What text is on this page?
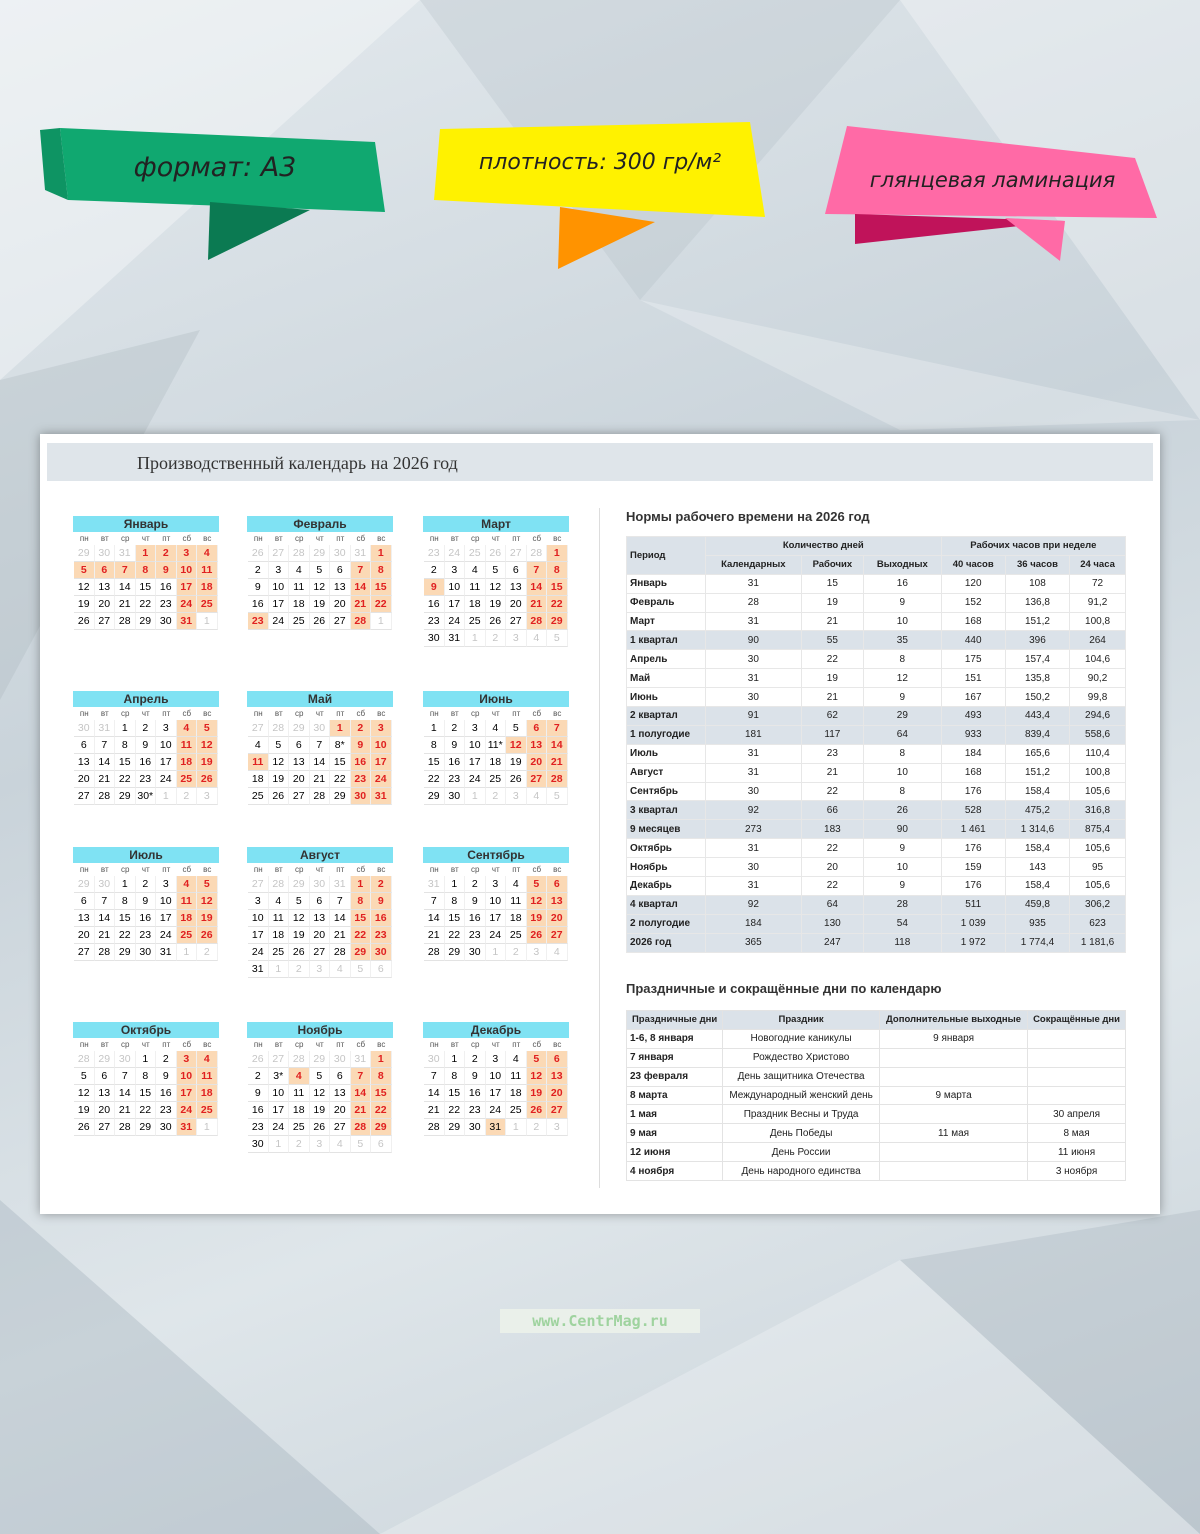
формат: А3	плотность: 300 гр/м²
глянцевая ламинация
Производственный календарь на 2026 год
Январь
пн	вт	ср	чт	пт	сб	вс
29 30 31	1	2	3	4
5	6	7	8	9	10 11
12 13 14 15 16 17 18
19 20 21 22 23 24 25
26 27 28 29 30 31	1
Февраль
пн	вт	ср	чт	пт	сб	вс
26 27 28 29 30 31	1
2	3	4	5	6	7	8
9	10 11 12 13 14 15
16 17 18 19 20 21 22
23 24 25 26 27 28	1
Март
пн	вт	ср	чт	пт	сб	вс
23 24 25 26 27 28	1
2	3	4	5	6	7	8
9	10 11 12 13 14 15
16 17 18 19 20 21 22
23 24 25 26 27 28 29
30 31	1	2	3	4	5
Апрель
пн	вт	ср	чт	пт	сб	вс
30 31	1	2	3	4	5
6	7	8	9	10 11 12
13 14 15 16 17 18 19
20 21 22 23 24 25 26
27 28 29 30* 1	2	3
Май
пн	вт	ср	чт	пт	сб	вс
27 28 29 30	1	2	3
4	5	6	7	8*	9	10
11 12 13 14 15 16 17
18 19 20 21 22 23 24
25 26 27 28 29 30 31
Июнь
пн	вт	ср	чт	пт	сб	вс
1	2	3	4	5	6	7
8	9	10 11* 12 13 14
15 16 17 18 19 20 21
22 23 24 25 26 27 28
29 30	1	2	3	4	5
Июль
пн	вт	ср	чт	пт	сб	вс
29 30	1	2	3	4	5
6	7	8	9	10 11 12
13 14 15 16 17 18 19
20 21 22 23 24 25 26
27 28 29 30 31	1	2
Август
пн	вт	ср	чт	пт	сб	вс
27 28 29 30 31	1	2
3	4	5	6	7	8	9
10 11 12 13 14 15 16
17 18 19 20 21 22 23
24 25 26 27 28 29 30
31	1	2	3	4	5	6
Сентябрь
пн	вт	ср	чт	пт	сб	вс
31	1	2	3	4	5	6
7	8	9	10 11 12 13
14 15 16 17 18 19 20
21 22 23 24 25 26 27
28 29 30	1	2	3	4
Октябрь
пн	вт	ср	чт	пт	сб	вс
28 29 30	1	2	3	4
5	6	7	8	9	10 11
12 13 14 15 16 17 18
19 20 21 22 23 24 25
26 27 28 29 30 31	1
Ноябрь
пн	вт	ср	чт	пт	сб	вс
26 27 28 29 30 31	1
2	3*	4	5	6	7	8
9	10 11 12 13 14 15
16 17 18 19 20 21 22
23 24 25 26 27 28 29
30	1	2	3	4	5	6
Декабрь
пн	вт	ср	чт	пт	сб	вс
30	1	2	3	4	5	6
7	8	9	10 11 12 13
14 15 16 17 18 19 20
21 22 23 24 25 26 27
28 29 30 31	1	2	3
Нормы рабочего времени на 2026 год
Период	Количество дней			Рабочих часов при неделе		
	Календарных	Рабочих	Выходных	40 часов	36 часов	24 часа
Январь	31	15	16	120	108	72
Февраль	28	19	9	152	136,8	91,2
Март	31	21	10	168	151,2	100,8
1 квартал	90	55	35	440	396	264
Апрель	30	22	8	175	157,4	104,6
Май	31	19	12	151	135,8	90,2
Июнь	30	21	9	167	150,2	99,8
2 квартал	91	62	29	493	443,4	294,6
1 полугодие	181	117	64	933	839,4	558,6
Июль	31	23	8	184	165,6	110,4
Август	31	21	10	168	151,2	100,8
Сентябрь	30	22	8	176	158,4	105,6
3 квартал	92	66	26	528	475,2	316,8
9 месяцев	273	183	90	1 461	1 314,6	875,4
Октябрь	31	22	9	176	158,4	105,6
Ноябрь	30	20	10	159	143	95
Декабрь	31	22	9	176	158,4	105,6
4 квартал	92	64	28	511	459,8	306,2
2 полугодие	184	130	54	1 039	935	623
2026 год	365	247	118	1 972	1 774,4	1 181,6
Праздничные и сокращённые дни по календарю
Праздничные дни	Праздник	Дополнительные выходные	Сокращённые дни
1-6, 8 января	Новогодние каникулы	9 января	
7 января	Рождество Христово		
23 февраля	День защитника Отечества		
8 марта	Международный женский день	9 марта	
1 мая	Праздник Весны и Труда		30 апреля
9 мая	День Победы	11 мая	8 мая
12 июня	День России		11 июня
4 ноября	День народного единства		3 ноября
www.CentrMag.ru
